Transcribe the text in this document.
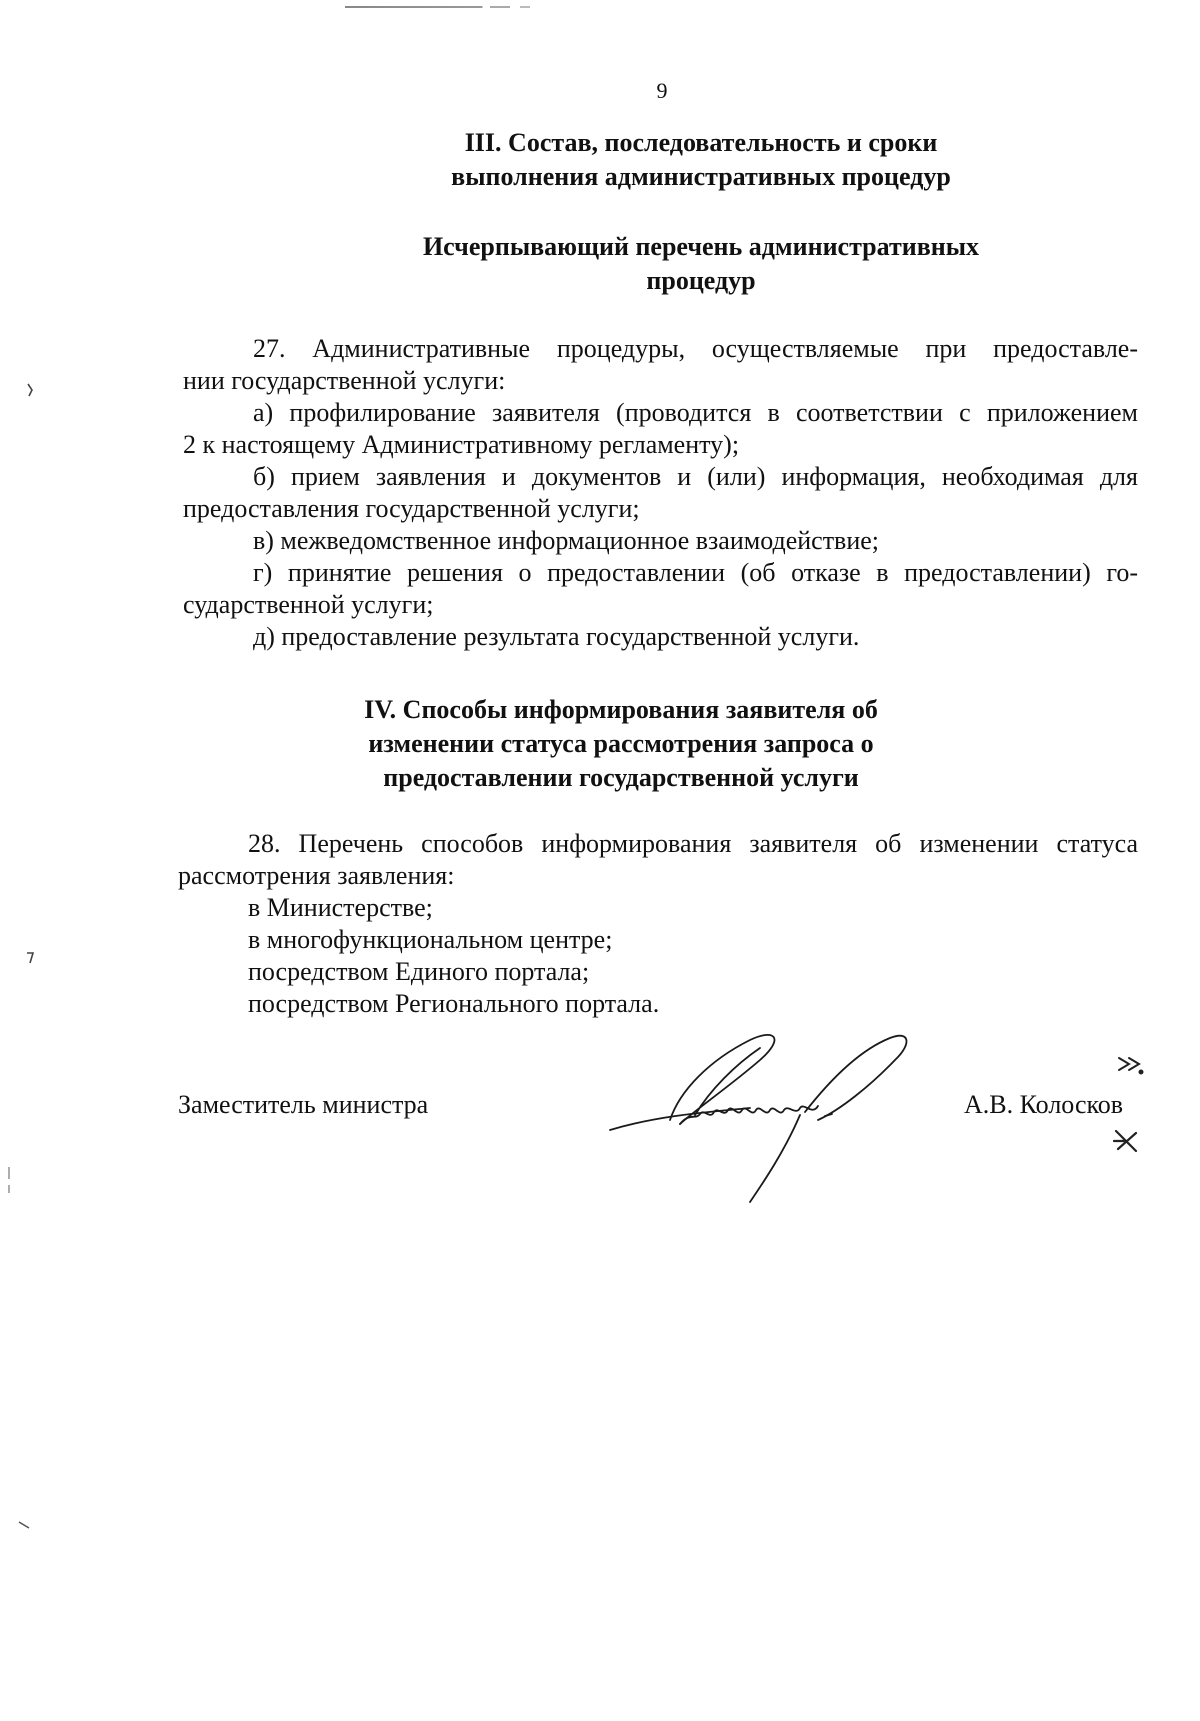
9
III. Состав, последовательность и сроки
выполнения административных процедур
Исчерпывающий перечень административных
процедур
27. Административные процедуры, осуществляемые при предоставле-
нии государственной услуги:
а) профилирование заявителя (проводится в соответствии с приложением
2 к настоящему Административному регламенту);
б) прием заявления и документов и (или) информация, необходимая для
предоставления государственной услуги;
в) межведомственное информационное взаимодействие;
г) принятие решения о предоставлении (об отказе в предоставлении) го-
сударственной услуги;
д) предоставление результата государственной услуги.
IV. Способы информирования заявителя об
изменении статуса рассмотрения запроса о
предоставлении государственной услуги
28. Перечень способов информирования заявителя об изменении статуса
рассмотрения заявления:
в Министерстве;
в многофункциональном центре;
посредством Единого портала;
посредством Регионального портала.
Заместитель министра	А.В. Колосков
